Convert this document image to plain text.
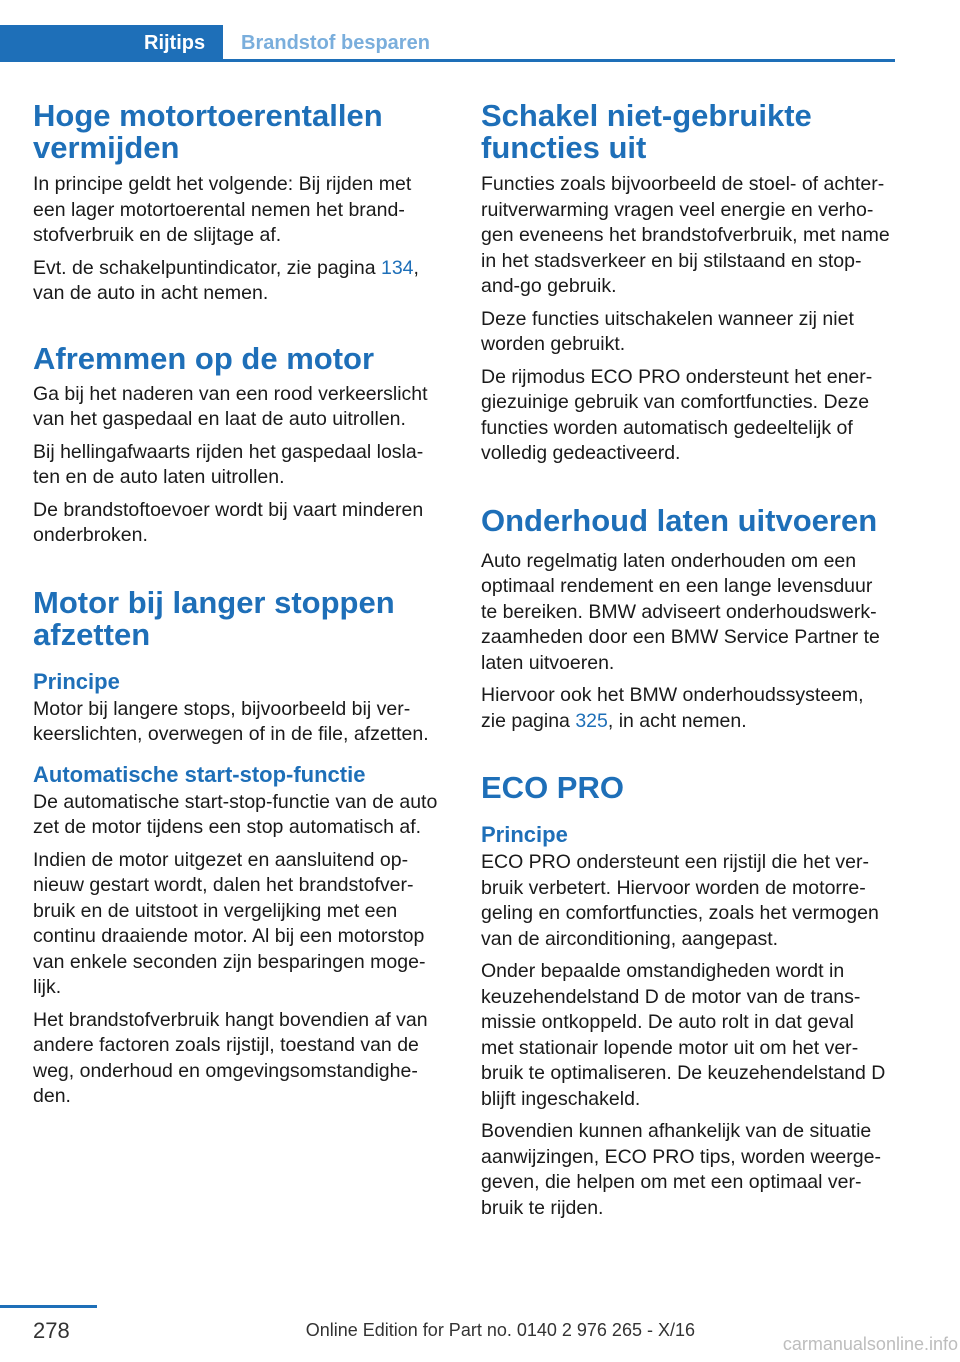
Rijtips Brandstof besparen
Hoge motortoerentallen vermijden

In principe geldt het volgende: Bij rijden met een lager motortoerental nemen het brandstofverbruik en de slijtage af.

Evt. de schakelpuntindicator, zie pagina 134, van de auto in acht nemen.

Afremmen op de motor

Ga bij het naderen van een rood verkeerslicht van het gaspedaal en laat de auto uitrollen.

Bij hellingafwaarts rijden het gaspedaal loslaten en de auto laten uitrollen.

De brandstoftoevoer wordt bij vaart minderen onderbroken.

Motor bij langer stoppen afzetten
Principe

Motor bij langere stops, bijvoorbeeld bij verkeerslichten, overwegen of in de file, afzetten.

Automatische start-stop-functie

De automatische start-stop-functie van de auto zet de motor tijdens een stop automatisch af.

Indien de motor uitgezet en aansluitend opnieuw gestart wordt, dalen het brandstofverbruik en de uitstoot in vergelijking met een continu draaiende motor. Al bij een motorstop van enkele seconden zijn besparingen mogelijk.

Het brandstofverbruik hangt bovendien af van andere factoren zoals rijstijl, toestand van de weg, onderhoud en omgevingsomstandigheden.

Schakel niet-gebruikte functies uit

Functies zoals bijvoorbeeld de stoel- of achterruitverwarming vragen veel energie en verhogen eveneens het brandstofverbruik, met name in het stadsverkeer en bij stilstaand en stop-and-go gebruik.

Deze functies uitschakelen wanneer zij niet worden gebruikt.

De rijmodus ECO PRO ondersteunt het energiezuinige gebruik van comfortfuncties. Deze functies worden automatisch gedeeltelijk of volledig gedeactiveerd.

Onderhoud laten uitvoeren

Auto regelmatig laten onderhouden om een optimaal rendement en een lange levensduur te bereiken. BMW adviseert onderhoudswerkzaamheden door een BMW Service Partner te laten uitvoeren.

Hiervoor ook het BMW onderhoudssysteem, zie pagina 325, in acht nemen.

ECO PRO
Principe

ECO PRO ondersteunt een rijstijl die het verbruik verbetert. Hiervoor worden de motorregeling en comfortfuncties, zoals het vermogen van de airconditioning, aangepast.

Onder bepaalde omstandigheden wordt in keuzehendelstand D de motor van de transmissie ontkoppeld. De auto rolt in dat geval met stationair lopende motor uit om het verbruik te optimaliseren. De keuzehendelstand D blijft ingeschakeld.

Bovendien kunnen afhankelijk van de situatie aanwijzingen, ECO PRO tips, worden weergegeven, die helpen om met een optimaal verbruik te rijden.

278	Online Edition for Part no. 0140 2 976 265 - X/16
carmanualsonline.info
